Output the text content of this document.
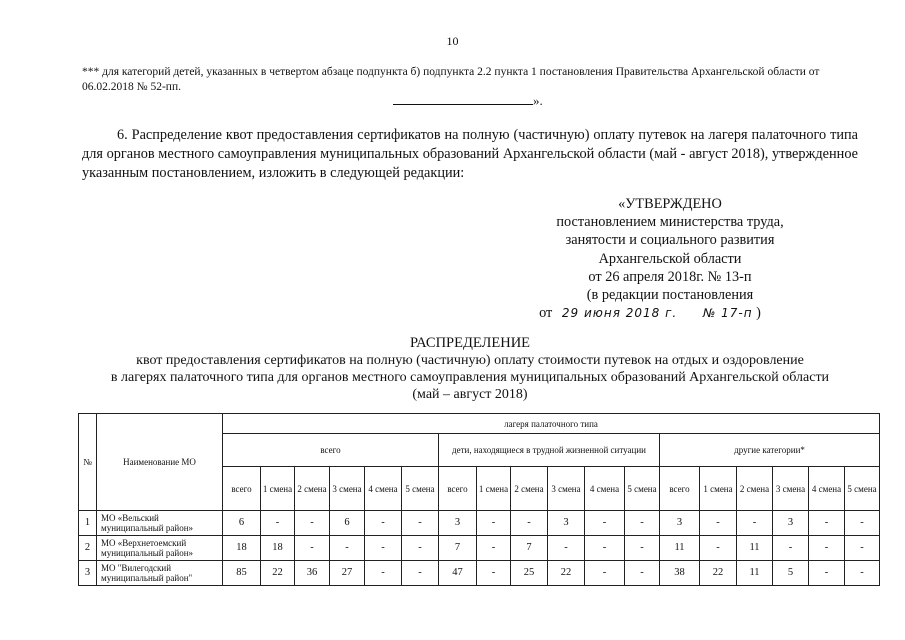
10
*** для категорий детей, указанных в четвертом абзаце подпункта б) подпункта 2.2 пункта 1 постановления Правительства Архангельской области от 06.02.2018 № 52-пп.
».
6. Распределение квот предоставления сертификатов на полную (частичную) оплату путевок на лагеря палаточного типа для органов местного самоуправления муниципальных образований Архангельской области (май - август 2018), утвержденное указанным постановлением, изложить в следующей редакции:
«УТВЕРЖДЕНО
постановлением министерства труда,
занятости и социального развития
Архангельской области
от 26 апреля 2018г. № 13-п
(в редакции постановления
от 29 июня 2018 г. № 17-п )
РАСПРЕДЕЛЕНИЕ
квот предоставления сертификатов на полную (частичную) оплату стоимости путевок на отдых и оздоровление
в лагерях палаточного типа для органов местного самоуправления муниципальных образований Архангельской области
(май – август 2018)
№	Наименование МО	лагеря палаточного типа																	
		всего						дети, находящиеся в трудной жизненной ситуации						другие категории*					
		всего	1 смена	2 смена	3 смена	4 смена	5 смена	всего	1 смена	2 смена	3 смена	4 смена	5 смена	всего	1 смена	2 смена	3 смена	4 смена	5 смена
1	МО «Вельский муниципальный район»	6	-	-	6	-	-	3	-	-	3	-	-	3	-	-	3	-	-
2	МО «Верхнетоемский муниципальный район»	18	18	-	-	-	-	7	-	7	-	-	-	11	-	11	-	-	-
3	МО "Вилегодский муниципальный район"	85	22	36	27	-	-	47	-	25	22	-	-	38	22	11	5	-	-
